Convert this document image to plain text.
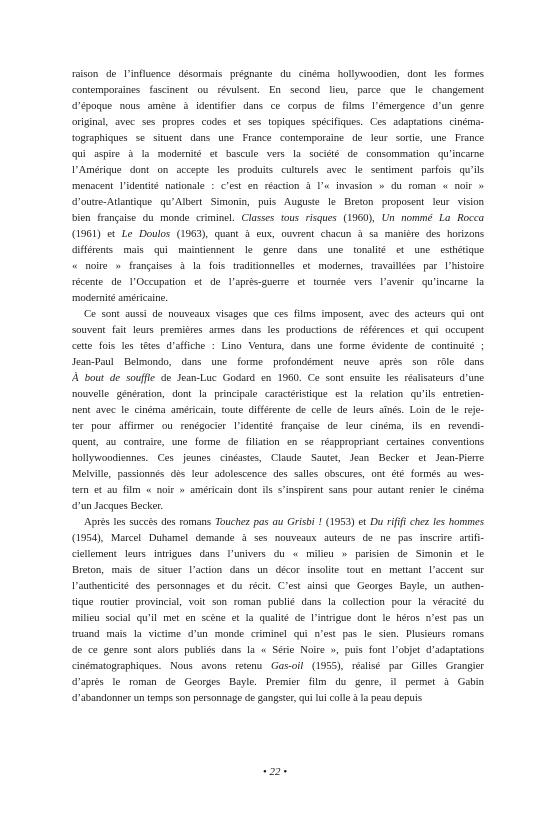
raison de l’influence désormais prégnante du cinéma hollywoodien, dont les formes
contemporaines fascinent ou révulsent. En second lieu, parce que le changement
d’époque nous amène à identifier dans ce corpus de films l’émergence d’un genre
original, avec ses propres codes et ses topiques spécifiques. Ces adaptations cinéma-
tographiques se situent dans une France contemporaine de leur sortie, une France
qui aspire à la modernité et bascule vers la société de consommation qu’incarne
l’Amérique dont on accepte les produits culturels avec le sentiment parfois qu’ils
menacent l’identité nationale : c’est en réaction à l’« invasion » du roman « noir »
d’outre-Atlantique qu’Albert Simonin, puis Auguste le Breton proposent leur vision
bien française du monde criminel. Classes tous risques (1960), Un nommé La Rocca
(1961) et Le Doulos (1963), quant à eux, ouvrent chacun à sa manière des horizons
différents mais qui maintiennent le genre dans une tonalité et une esthétique
« noire » françaises à la fois traditionnelles et modernes, travaillées par l’histoire
récente de l’Occupation et de l’après-guerre et tournée vers l’avenir qu’incarne la
modernité américaine.
Ce sont aussi de nouveaux visages que ces films imposent, avec des acteurs qui ont
souvent fait leurs premières armes dans les productions de références et qui occupent
cette fois les têtes d’affiche : Lino Ventura, dans une forme évidente de continuité ;
Jean-Paul Belmondo, dans une forme profondément neuve après son rôle dans
À bout de souffle de Jean-Luc Godard en 1960. Ce sont ensuite les réalisateurs d’une
nouvelle génération, dont la principale caractéristique est la relation qu’ils entretien-
nent avec le cinéma américain, toute différente de celle de leurs aînés. Loin de le rejе-
ter pour affirmer ou renégocier l’identité française de leur cinéma, ils en revendi-
quent, au contraire, une forme de filiation en se réappropriant certaines conventions
hollywoodiennes. Ces jeunes cinéastes, Claude Sautet, Jean Becker et Jean-Pierre
Melville, passionnés dès leur adolescence des salles obscures, ont été formés au wes-
tern et au film « noir » américain dont ils s’inspirent sans pour autant renier le cinéma
d’un Jacques Becker.
Après les succès des romans Touchez pas au Grisbi ! (1953) et Du rififi chez les hommes
(1954), Marcel Duhamel demande à ses nouveaux auteurs de ne pas inscrire artifi-
ciellement leurs intrigues dans l’univers du « milieu » parisien de Simonin et le
Breton, mais de situer l’action dans un décor insolite tout en mettant l’accent sur
l’authenticité des personnages et du récit. C’est ainsi que Georges Bayle, un authen-
tique routier provincial, voit son roman publié dans la collection pour la véracité du
milieu social qu’il met en scène et la qualité de l’intrigue dont le héros n’est pas un
truand mais la victime d’un monde criminel qui n’est pas le sien. Plusieurs romans
de ce genre sont alors publiés dans la « Série Noire », puis font l’objet d’adaptations
cinématographiques. Nous avons retenu Gas-oil (1955), réalisé par Gilles Grangier
d’après le roman de Georges Bayle. Premier film du genre, il permet à Gabin
d’abandonner un temps son personnage de gangster, qui lui colle à la peau depuis
• 22 •
